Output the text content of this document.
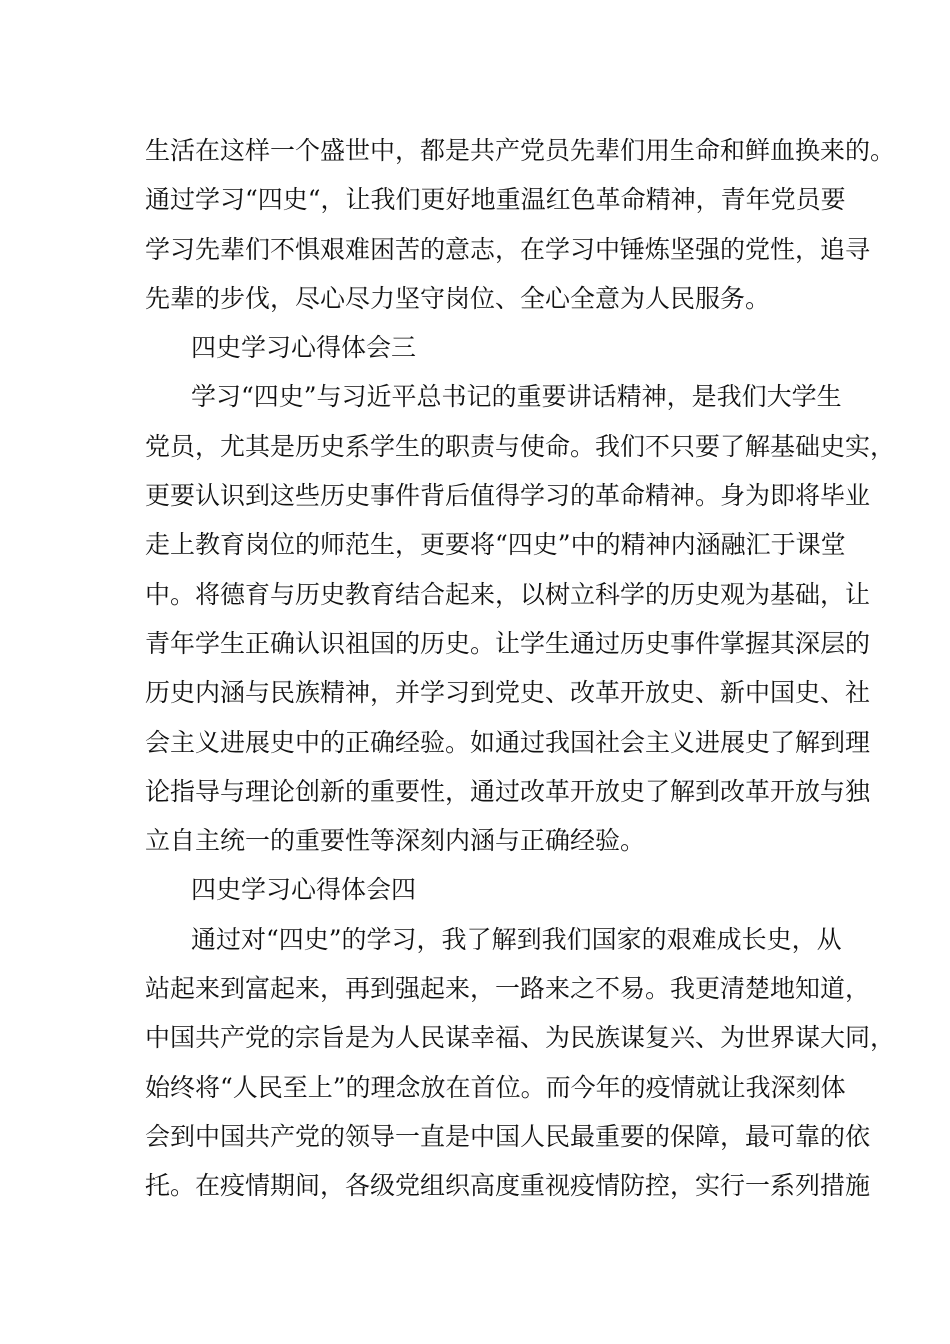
生活在这样一个盛世中，都是共产党员先辈们用生命和鲜血换来的。
通过学习“四史“，让我们更好地重温红色革命精神，青年党员要
学习先辈们不惧艰难困苦的意志，在学习中锤炼坚强的党性，追寻
先辈的步伐，尽心尽力坚守岗位、全心全意为人民服务。
四史学习心得体会三
学习“四史”与习近平总书记的重要讲话精神，是我们大学生
党员，尤其是历史系学生的职责与使命。我们不只要了解基础史实，
更要认识到这些历史事件背后值得学习的革命精神。身为即将毕业
走上教育岗位的师范生，更要将“四史”中的精神内涵融汇于课堂
中。将德育与历史教育结合起来，以树立科学的历史观为基础，让
青年学生正确认识祖国的历史。让学生通过历史事件掌握其深层的
历史内涵与民族精神，并学习到党史、改革开放史、新中国史、社
会主义进展史中的正确经验。如通过我国社会主义进展史了解到理
论指导与理论创新的重要性，通过改革开放史了解到改革开放与独
立自主统一的重要性等深刻内涵与正确经验。
四史学习心得体会四
通过对“四史”的学习，我了解到我们国家的艰难成长史，从
站起来到富起来，再到强起来，一路来之不易。我更清楚地知道，
中国共产党的宗旨是为人民谋幸福、为民族谋复兴、为世界谋大同，
始终将“人民至上”的理念放在首位。而今年的疫情就让我深刻体
会到中国共产党的领导一直是中国人民最重要的保障，最可靠的依
托。在疫情期间，各级党组织高度重视疫情防控，实行一系列措施
